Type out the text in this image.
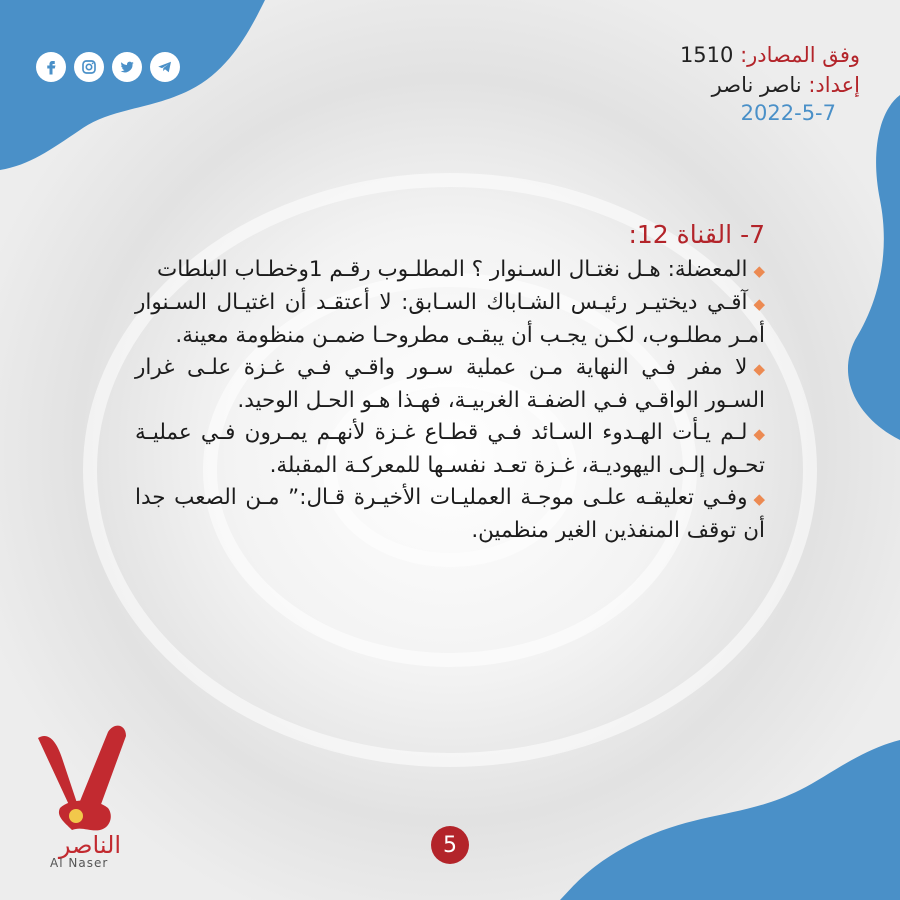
وفق المصادر: 1510
إعداد: ناصر ناصر
2022-5-7
7- القناة 12:

◆المعضلة: هـل نغتـال السـنوار ؟ المطلـوب رقـم 1وخطـاب البلطات

◆آقـي ديختيـر رئيـس الشـاباك السـابق: لا أعتقـد أن اغتيـال السـنوار أمـر مطلـوب، لكـن يجـب أن يبقـى مطروحـا ضمـن منظومة معينة.

◆لا مفر فـي النهاية مـن عملية سـور واقـي فـي غـزة علـى غرار السـور الواقـي فـي الضفـة الغربيـة، فهـذا هـو الحـل الوحيد.

◆لـم يـأت الهـدوء السـائد فـي قطـاع غـزة لأنهـم يمـرون فـي عمليـة تحـول إلـى اليهوديـة، غـزة تعـد نفسـها للمعركـة المقبلة.

◆وفـي تعليقـه علـى موجـة العمليـات الأخيـرة قـال:” مـن الصعب جدا أن توقف المنفذين الغير منظمين.

الناصر
Al Naser
5
